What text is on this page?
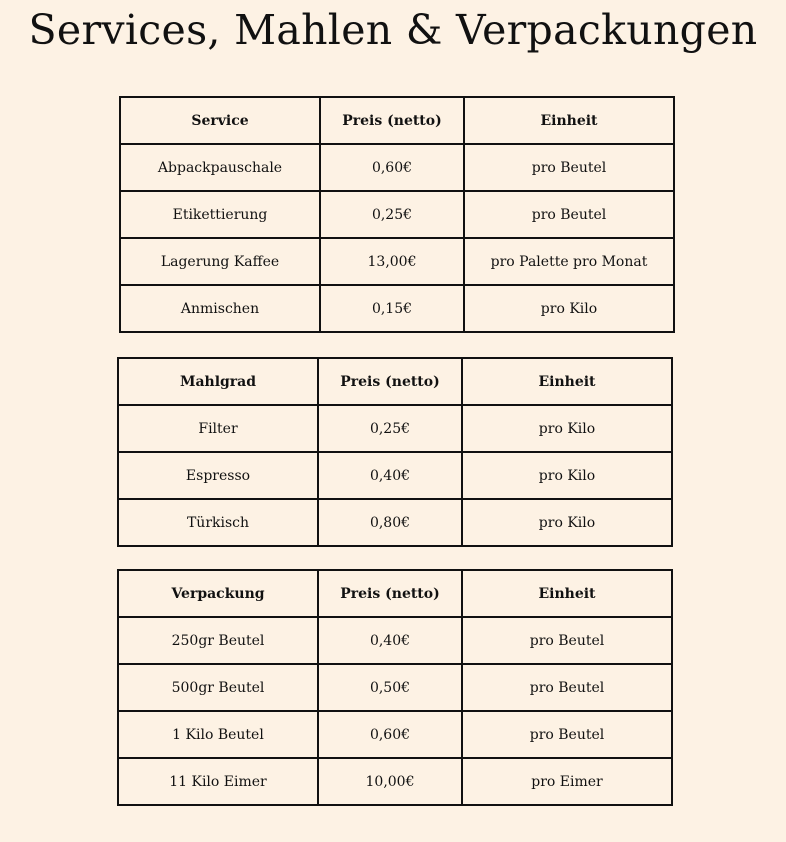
Services, Mahlen & Verpackungen
Service	Preis (netto)	Einheit
Abpackpauschale	0,60€	pro Beutel
Etikettierung	0,25€	pro Beutel
Lagerung Kaffee	13,00€	pro Palette pro Monat
Anmischen	0,15€	pro Kilo
Mahlgrad	Preis (netto)	Einheit
Filter	0,25€	pro Kilo
Espresso	0,40€	pro Kilo
Türkisch	0,80€	pro Kilo
Verpackung	Preis (netto)	Einheit
250gr Beutel	0,40€	pro Beutel
500gr Beutel	0,50€	pro Beutel
1 Kilo Beutel	0,60€	pro Beutel
11 Kilo Eimer	10,00€	pro Eimer
